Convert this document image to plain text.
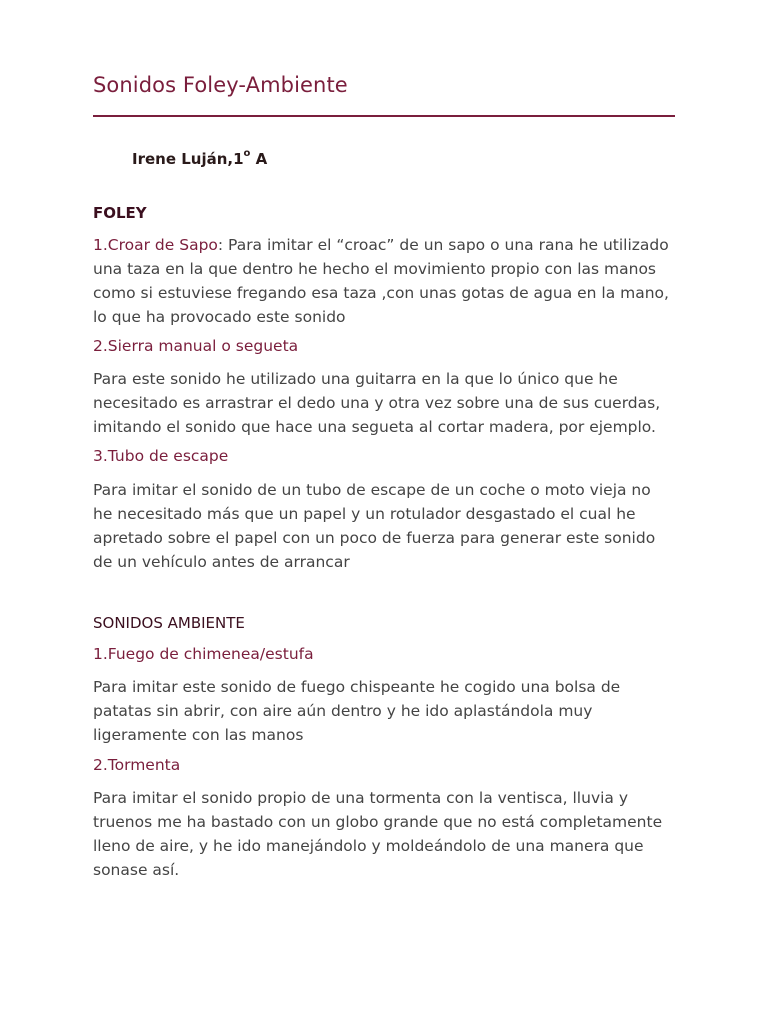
Sonidos Foley-Ambiente
Irene Luján,1$^o$ A
FOLEY
1.Croar de Sapo: Para imitar el “croac” de un sapo o una rana he utilizado
una taza en la que dentro he hecho el movimiento propio con las manos
como si estuviese fregando esa taza ,con unas gotas de agua en la mano,
lo que ha provocado este sonido
2.Sierra manual o segueta
Para este sonido he utilizado una guitarra en la que lo único que he
necesitado es arrastrar el dedo una y otra vez sobre una de sus cuerdas,
imitando el sonido que hace una segueta al cortar madera, por ejemplo.
3.Tubo de escape
Para imitar el sonido de un tubo de escape de un coche o moto vieja no
he necesitado más que un papel y un rotulador desgastado el cual he
apretado sobre el papel con un poco de fuerza para generar este sonido
de un vehículo antes de arrancar
SONIDOS AMBIENTE
1.Fuego de chimenea/estufa
Para imitar este sonido de fuego chispeante he cogido una bolsa de
patatas sin abrir, con aire aún dentro y he ido aplastándola muy
ligeramente con las manos
2.Tormenta
Para imitar el sonido propio de una tormenta con la ventisca, lluvia y
truenos me ha bastado con un globo grande que no está completamente
lleno de aire, y he ido manejándolo y moldeándolo de una manera que
sonase así.
